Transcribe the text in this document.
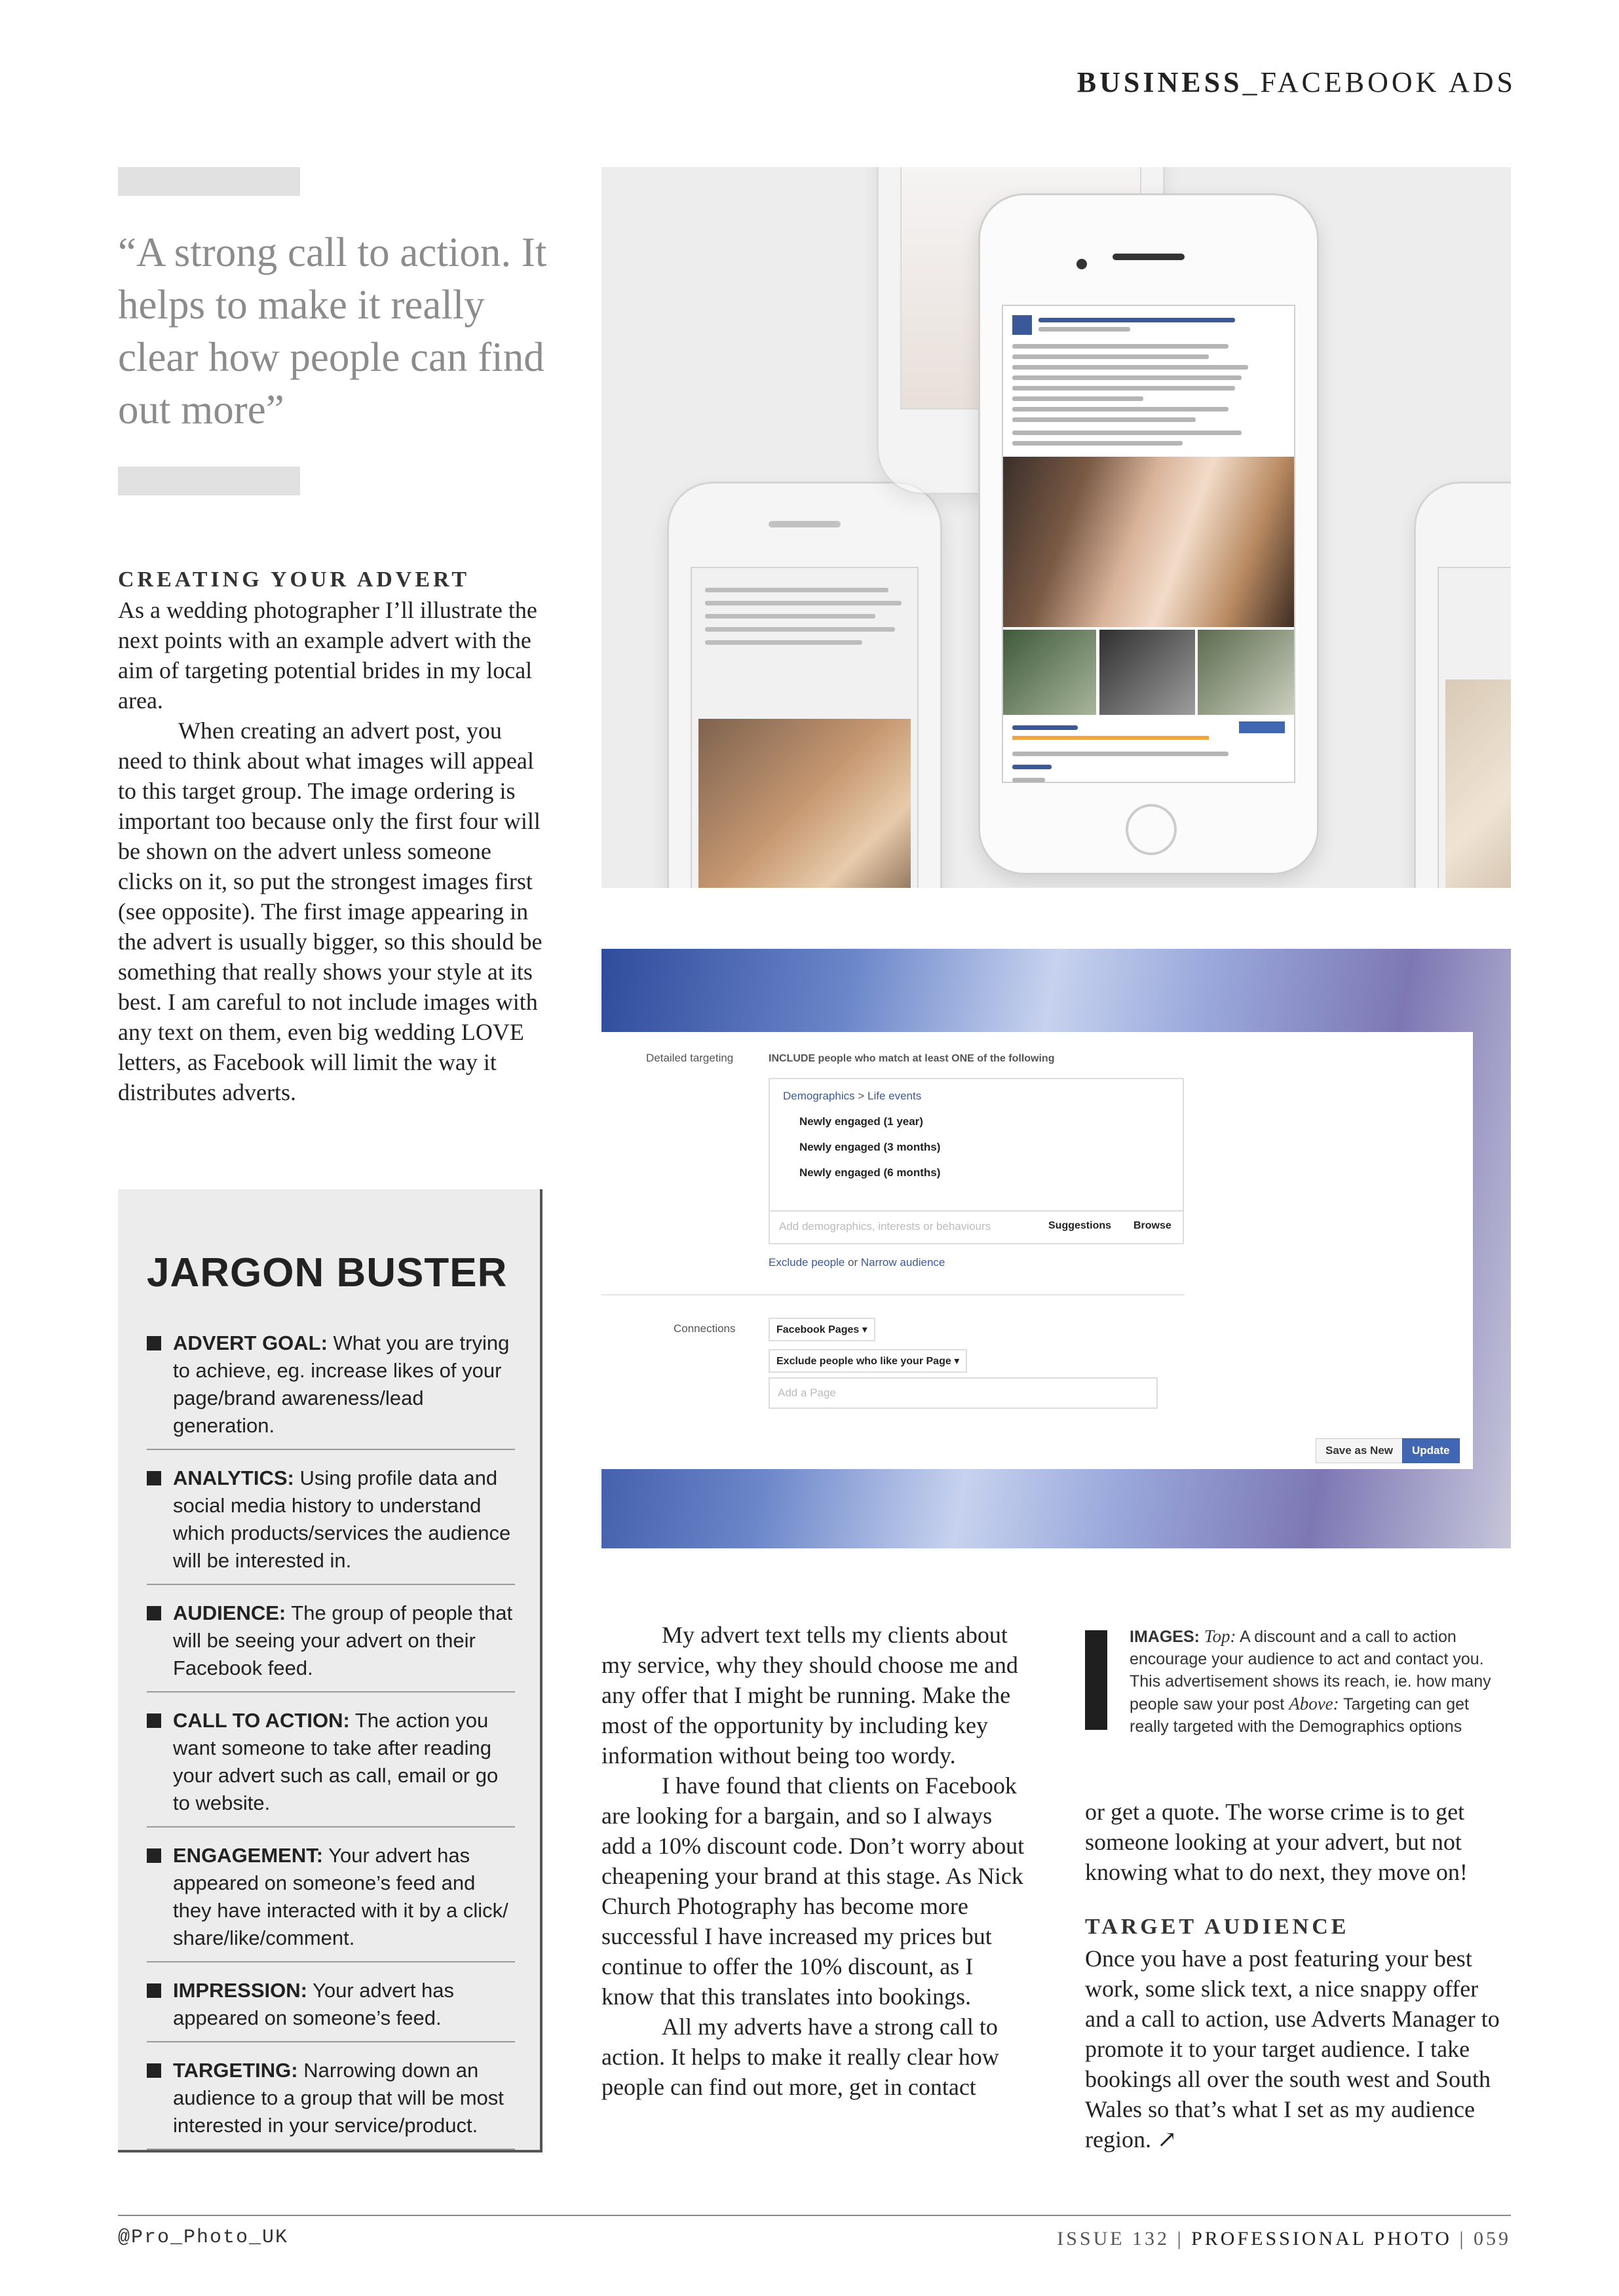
BUSINESS_FACEBOOK ADS
“A strong call to action. It helps to make it really clear how people can find out more”
CREATING YOUR ADVERT

As a wedding photographer I’ll illustrate the next points with an example advert with the aim of targeting potential brides in my local area.

When creating an advert post, you need to think about what images will appeal to this target group. The image ordering is important too because only the first four will be shown on the advert unless someone clicks on it, so put the strongest images first (see opposite). The first image appearing in the advert is usually bigger, so this should be something that really shows your style at its best. I am careful to not include images with any text on them, even big wedding LOVE letters, as Facebook will limit the way it distributes adverts.

JARGON BUSTER
ADVERT GOAL: What you are trying to achieve, eg. increase likes of your page/brand awareness/lead generation.
ANALYTICS: Using profile data and social media history to understand which products/services the audience will be interested in.
AUDIENCE: The group of people that will be seeing your advert on their Facebook feed.
CALL TO ACTION: The action you want someone to take after reading your advert such as call, email or go to website.
ENGAGEMENT: Your advert has appeared on someone’s feed and they have interacted with it by a click/ share/like/comment.
IMPRESSION: Your advert has appeared on someone’s feed.
TARGETING: Narrowing down an audience to a group that will be most interested in your service/product.
Detailed targeting	INCLUDE people who match at least ONE of the following
Demographics > Life events
Newly engaged (1 year)
Newly engaged (3 months)
Newly engaged (6 months)
Add demographics, interests or behaviours	Suggestions Browse
Exclude people or Narrow audience
Connections	Facebook Pages ▾
Exclude people who like your Page ▾
Add a Page
Save as New	Update

My advert text tells my clients about my service, why they should choose me and any offer that I might be running. Make the most of the opportunity by including key information without being too wordy.

I have found that clients on Facebook are looking for a bargain, and so I always add a 10% discount code. Don’t worry about cheapening your brand at this stage. As Nick Church Photography has become more successful I have increased my prices but continue to offer the 10% discount, as I know that this translates into bookings.

All my adverts have a strong call to action. It helps to make it really clear how people can find out more, get in contact

IMAGES: Top: A discount and a call to action encourage your audience to act and contact you. This advertisement shows its reach, ie. how many people saw your post Above: Targeting can get really targeted with the Demographics options

or get a quote. The worse crime is to get someone looking at your advert, but not knowing what to do next, they move on!

TARGET AUDIENCE

Once you have a post featuring your best work, some slick text, a nice snappy offer and a call to action, use Adverts Manager to promote it to your target audience. I take bookings all over the south west and South Wales so that’s what I set as my audience region. ↗

@Pro_Photo_UK	ISSUE 132 | PROFESSIONAL PHOTO | 059
